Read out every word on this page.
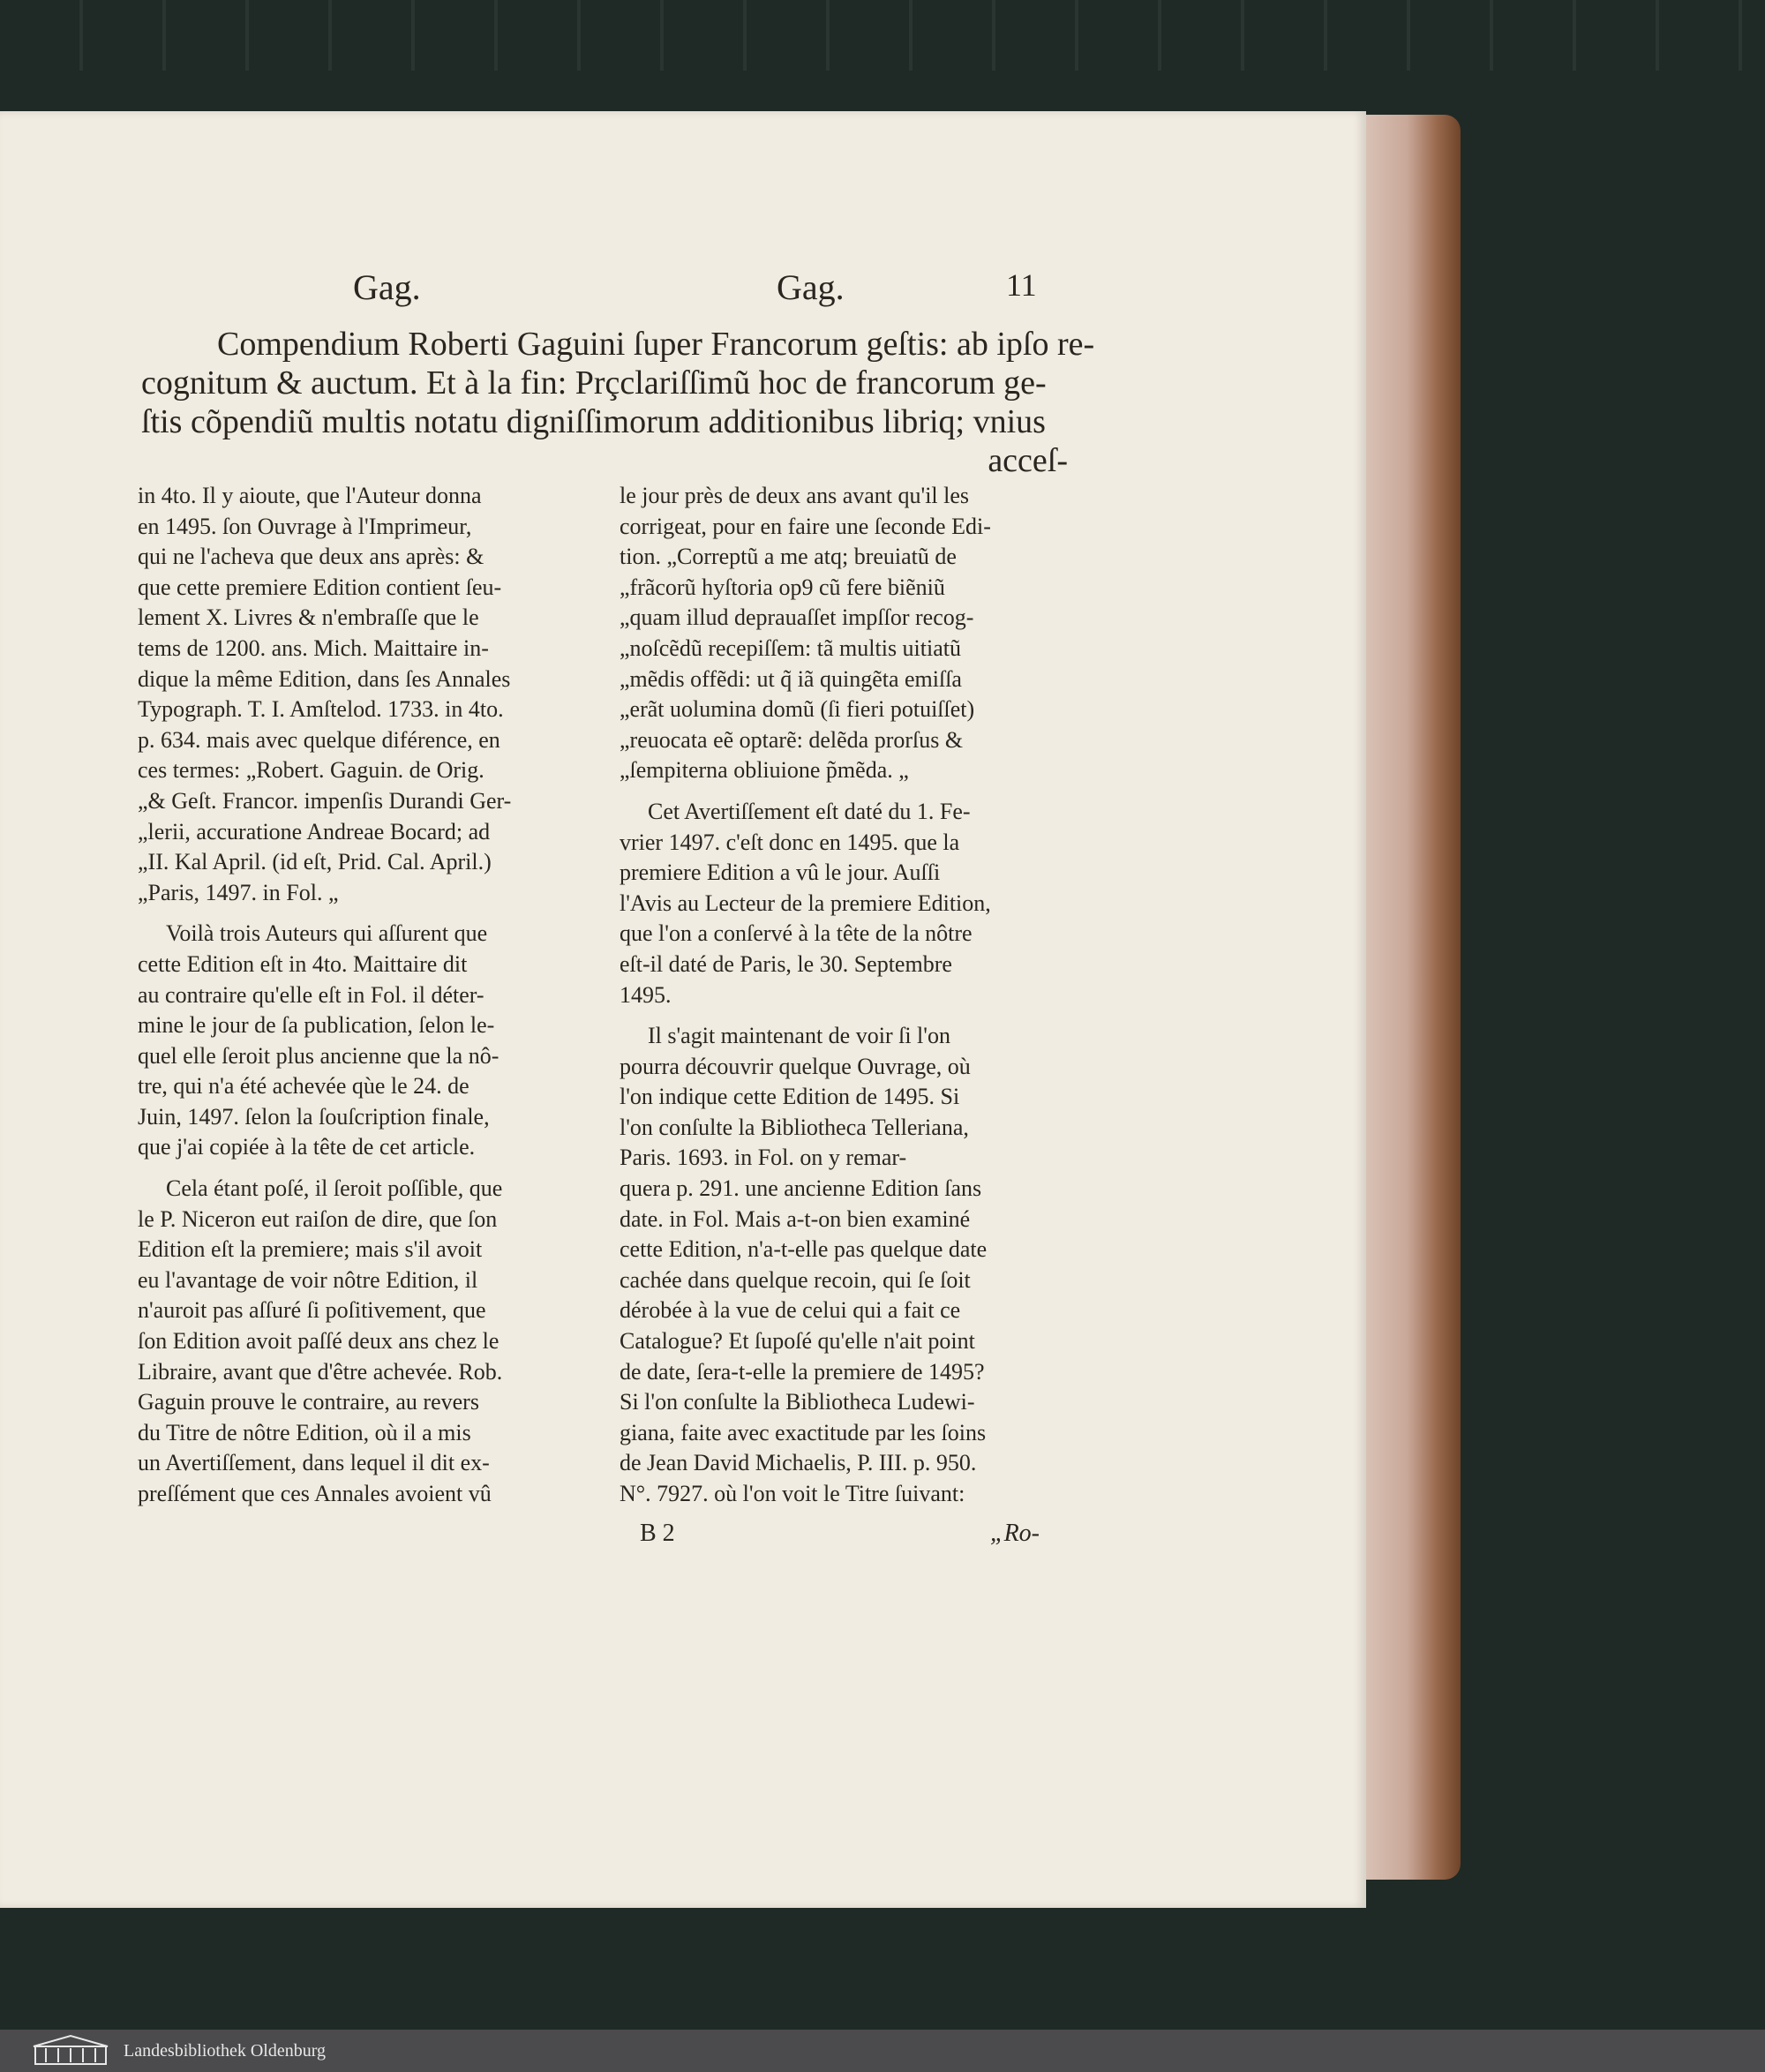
Gag.	Gag.	11
Compendium Roberti Gaguini ſuper Francorum geſtis: ab ipſo re-
cognitum & auctum. Et à la fin: Prçclariſſimũ hoc de francorum ge-
ſtis cõpendiũ multis notatu digniſſimorum additionibus libriq; vnius
acceſ-

in 4to. Il y aioute, que l'Auteur donna
en 1495. ſon Ouvrage à l'Imprimeur,
qui ne l'acheva que deux ans après: &
que cette premiere Edition contient ſeu-
lement X. Livres & n'embraſſe que le
tems de 1200. ans. Mich. Maittaire in-
dique la même Edition, dans ſes Annales
Typograph. T. I. Amſtelod. 1733. in 4to.
p. 634. mais avec quelque diférence, en
ces termes: „Robert. Gaguin. de Orig.
„& Geſt. Francor. impenſis Durandi Ger-
„lerii, accuratione Andreae Bocard; ad
„II. Kal April. (id eſt, Prid. Cal. April.)
„Paris, 1497. in Fol. „

Voilà trois Auteurs qui aſſurent que
cette Edition eſt in 4to. Maittaire dit
au contraire qu'elle eſt in Fol. il déter-
mine le jour de ſa publication, ſelon le-
quel elle ſeroit plus ancienne que la nô-
tre, qui n'a été achevée qùe le 24. de
Juin, 1497. ſelon la ſouſcription finale,
que j'ai copiée à la tête de cet article.

Cela étant poſé, il ſeroit poſſible, que
le P. Niceron eut raiſon de dire, que ſon
Edition eſt la premiere; mais s'il avoit
eu l'avantage de voir nôtre Edition, il
n'auroit pas aſſuré ſi poſitivement, que
ſon Edition avoit paſſé deux ans chez le
Libraire, avant que d'être achevée. Rob.
Gaguin prouve le contraire, au revers
du Titre de nôtre Edition, où il a mis
un Avertiſſement, dans lequel il dit ex-
preſſément que ces Annales avoient vû

le jour près de deux ans avant qu'il les
corrigeat, pour en faire une ſeconde Edi-
tion. „Correptũ a me atq; breuiatũ de
„frãcorũ hyſtoria op9 cũ fere biẽniũ
„quam illud deprauaſſet impſſor recog-
„noſcẽdũ recepiſſem: tã multis uitiatũ
„mẽdis offẽdi: ut q̃ iã quingẽta emiſſa
„erãt uolumina domũ (ſi fieri potuiſſet)
„reuocata eẽ optarẽ: delẽda prorſus &
„ſempiterna obliuione p̃mẽda. „

Cet Avertiſſement eſt daté du 1. Fe-
vrier 1497. c'eſt donc en 1495. que la
premiere Edition a vû le jour. Auſſi
l'Avis au Lecteur de la premiere Edition,
que l'on a conſervé à la tête de la nôtre
eſt-il daté de Paris, le 30. Septembre
1495.

Il s'agit maintenant de voir ſi l'on
pourra découvrir quelque Ouvrage, où
l'on indique cette Edition de 1495. Si
l'on conſulte la Bibliotheca Telleriana,
Paris. 1693. in Fol. on y remar-
quera p. 291. une ancienne Edition ſans
date. in Fol. Mais a-t-on bien examiné
cette Edition, n'a-t-elle pas quelque date
cachée dans quelque recoin, qui ſe ſoit
dérobée à la vue de celui qui a fait ce
Catalogue? Et ſupoſé qu'elle n'ait point
de date, ſera-t-elle la premiere de 1495?
Si l'on conſulte la Bibliotheca Ludewi-
giana, faite avec exactitude par les ſoins
de Jean David Michaelis, P. III. p. 950.
N°. 7927. où l'on voit le Titre ſuivant:

B 2	„Ro-
Landesbibliothek Oldenburg
